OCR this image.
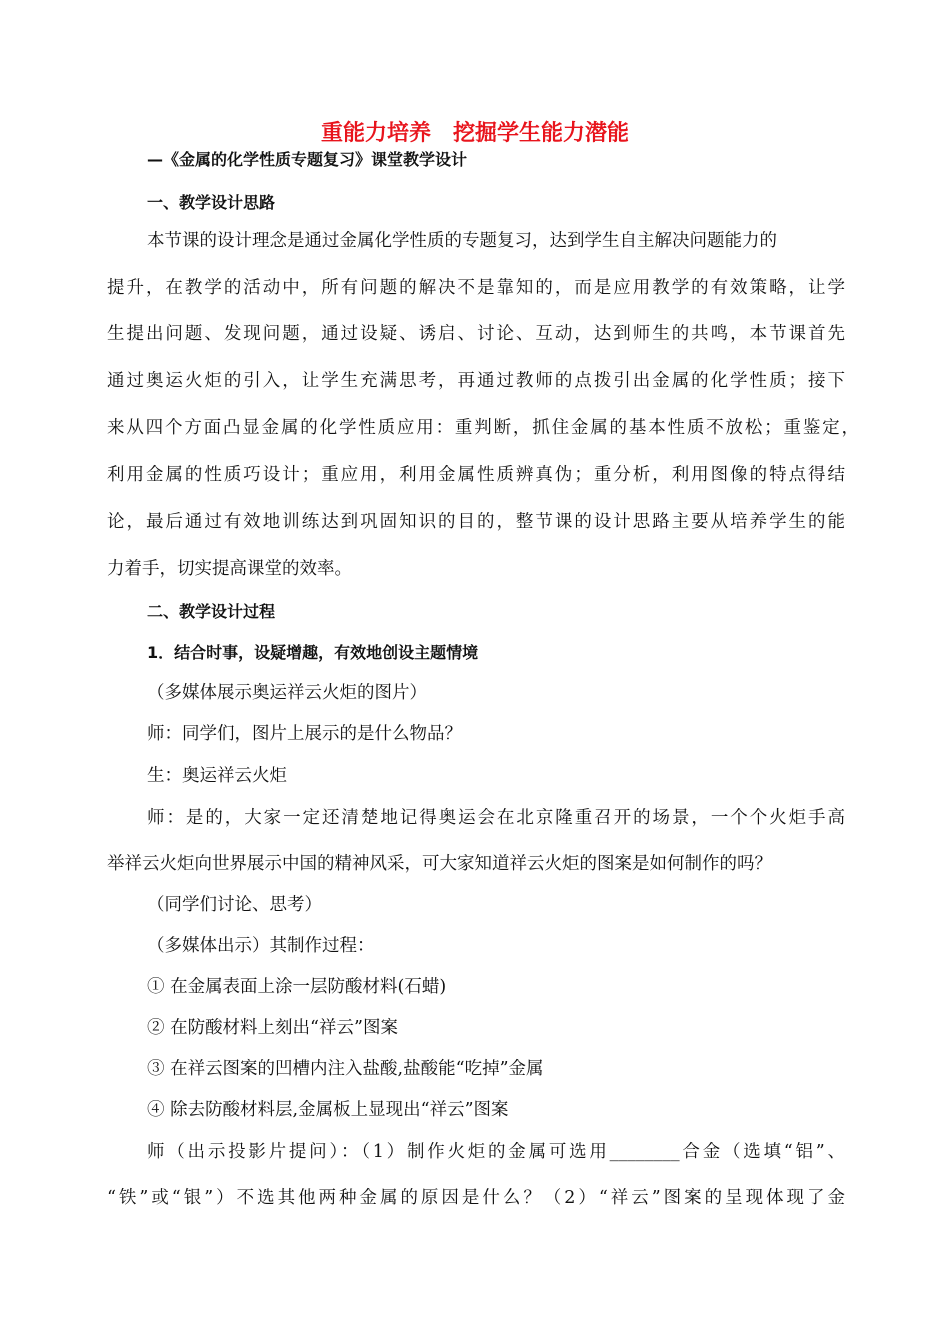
重能力培养　挖掘学生能力潜能
—《金属的化学性质专题复习》课堂教学设计
一、教学设计思路
本节课的设计理念是通过金属化学性质的专题复习，达到学生自主解决问题能力的
提升，在教学的活动中，所有问题的解决不是靠知的，而是应用教学的有效策略，让学
生提出问题、发现问题，通过设疑、诱启、讨论、互动，达到师生的共鸣，本节课首先
通过奥运火炬的引入，让学生充满思考，再通过教师的点拨引出金属的化学性质；接下
来从四个方面凸显金属的化学性质应用：重判断，抓住金属的基本性质不放松；重鉴定，
利用金属的性质巧设计；重应用，利用金属性质辨真伪；重分析，利用图像的特点得结
论，最后通过有效地训练达到巩固知识的目的，整节课的设计思路主要从培养学生的能
力着手，切实提高课堂的效率。
二、教学设计过程
1．结合时事，设疑增趣，有效地创设主题情境
（多媒体展示奥运祥云火炬的图片）
师：同学们，图片上展示的是什么物品？
生：奥运祥云火炬
师：是的，大家一定还清楚地记得奥运会在北京隆重召开的场景，一个个火炬手高
举祥云火炬向世界展示中国的精神风采，可大家知道祥云火炬的图案是如何制作的吗？
（同学们讨论、思考）
（多媒体出示）其制作过程：
① 在金属表面上涂一层防酸材料(石蜡)
② 在防酸材料上刻出“祥云”图案
③ 在祥云图案的凹槽内注入盐酸,盐酸能“吃掉”金属
④ 除去防酸材料层,金属板上显现出“祥云”图案
师（出示投影片提问）：（1）制作火炬的金属可选用________合金（选填“铝”、
“铁”或“银”）不选其他两种金属的原因是什么？（2）“祥云”图案的呈现体现了金
